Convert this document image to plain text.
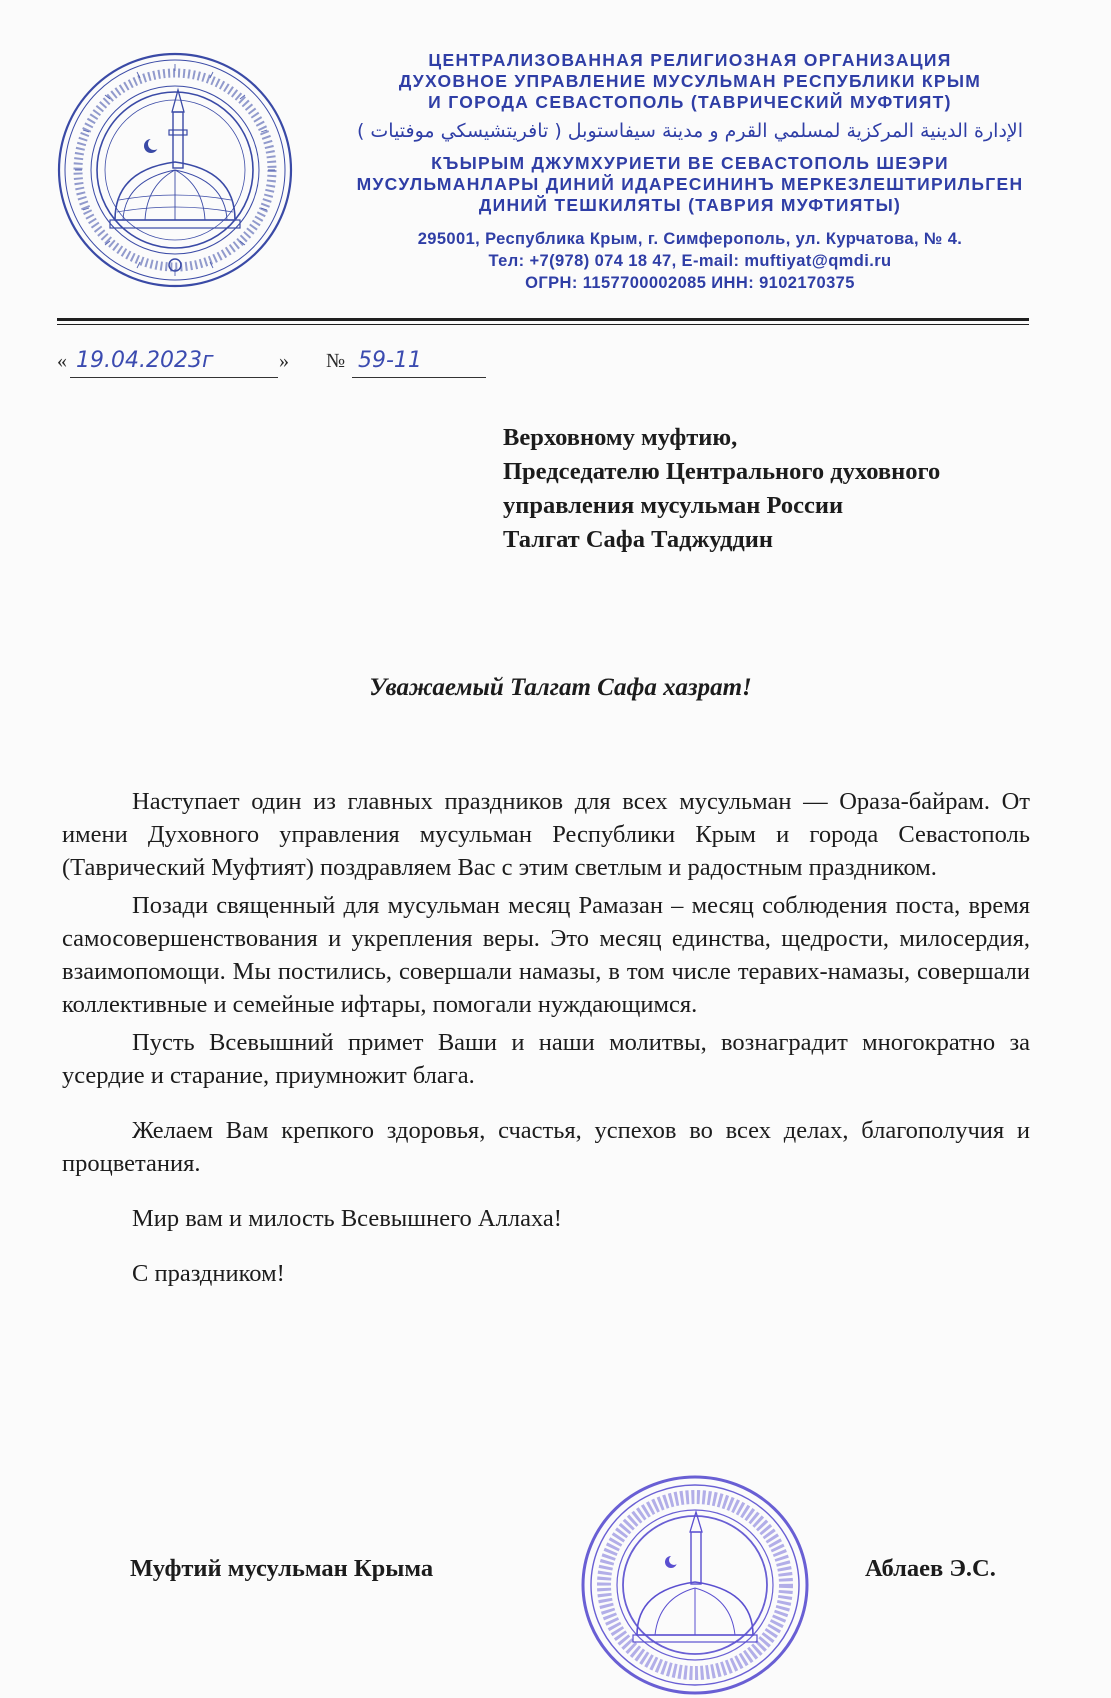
ЦЕНТРАЛИЗОВАННАЯ РЕЛИГИОЗНАЯ ОРГАНИЗАЦИЯ
ДУХОВНОЕ УПРАВЛЕНИЕ МУСУЛЬМАН РЕСПУБЛИКИ КРЫМ
И ГОРОДА СЕВАСТОПОЛЬ (ТАВРИЧЕСКИЙ МУФТИЯТ)
الإدارة الدينية المركزية لمسلمي القرم و مدينة سيفاستوبل ( تافريتشيسكي موفتيات )
КЪЫРЫМ ДЖУМХУРИЕТИ ВЕ СЕВАСТОПОЛЬ ШЕЭРИ
МУСУЛЬМАНЛАРЫ ДИНИЙ ИДАРЕСИНИНЪ МЕРКЕЗЛЕШТИРИЛЬГЕН
ДИНИЙ ТЕШКИЛЯТЫ (ТАВРИЯ МУФТИЯТЫ)
295001, Республика Крым, г. Симферополь, ул. Курчатова, № 4.
Тел: +7(978) 074 18 47, E-mail: muftiyat@qmdi.ru
ОГРН: 1157700002085 ИНН: 9102170375
« 19.04.2023г	» № 59-11
Верховному муфтию,
Председателю Центрального духовного
управления мусульман России
Талгат Сафа Таджуддин
Уважаемый Талгат Сафа хазрат!

Наступает один из главных праздников для всех мусульман — Ораза-байрам. От имени Духовного управления мусульман Республики Крым и города Севастополь (Таврический Муфтият) поздравляем Вас с этим светлым и радостным праздником.

Позади священный для мусульман месяц Рамазан – месяц соблюдения поста, время самосовершенствования и укрепления веры. Это месяц единства, щедрости, милосердия, взаимопомощи. Мы постились, совершали намазы, в том числе теравих-намазы, совершали коллективные и семейные ифтары, помогали нуждающимся.

Пусть Всевышний примет Ваши и наши молитвы, вознаградит многократно за усердие и старание, приумножит блага.

Желаем Вам крепкого здоровья, счастья, успехов во всех делах, благополучия и процветания.

Мир вам и милость Всевышнего Аллаха!

С праздником!

Муфтий мусульман Крыма	Аблаев Э.С.
